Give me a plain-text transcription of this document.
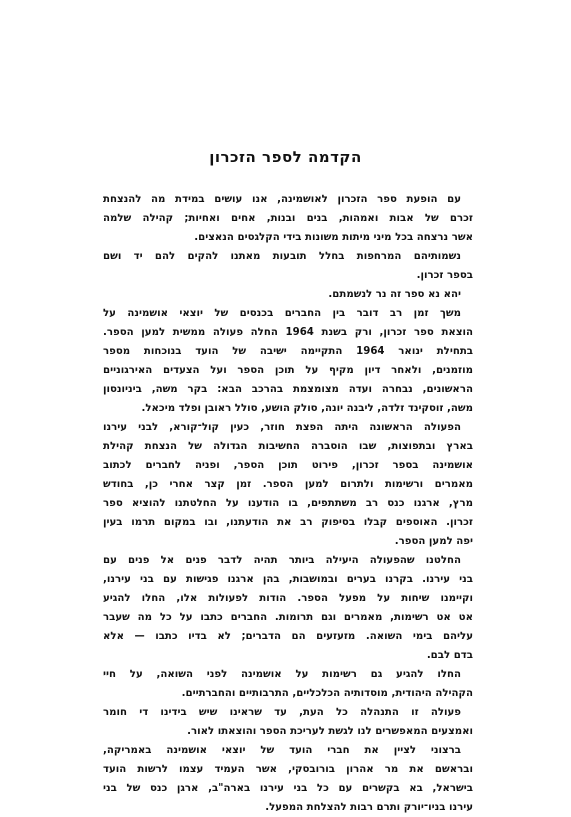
הקדמה לספר הזכרון
עם הופעת ספר הזכרון לאושמינה, אנו עושים במידת מה להנצחת
זכרם של אבות ואמהות, בנים ובנות, אחים ואחיות; קהילה שלמה
אשר נרצחה בכל מיני מיתות משונות בידי הקלגסים הנאצים.
נשמותיהם המרחפות בחלל תובעות מאתנו להקים להם יד ושם
בספר זכרון.
יהא נא ספר זה נר לנשמתם.
משך זמן רב דובר בין החברים בכנסים של יוצאי אושמינה על
הוצאת ספר זכרון, ורק בשנת 1964 החלה פעולה ממשית למען הספר.
בתחילת ינואר 1964 התקיימה ישיבה של הועד בנוכחות מספר
מוזמנים, ולאחר דיון מקיף על תוכן הספר ועל הצעדים האירגוניים
הראשונים, נבחרה ועדה מצומצמת בהרכב הבא: בקר משה, ביניונסון
משה, זוסקינד זלדה, ליבנה יונה, סולק הושע, סולל ראובן ופלד מיכאל.
הפעולה הראשונה היתה הפצת חוזר, כעין קול־קורא, לבני עירנו
בארץ ובתפוצות, שבו הוסברה החשיבות הגדולה של הנצחת קהילת
אושמינה בספר זכרון, פירוט תוכן הספר, ופניה לחברים לכתוב
מאמרים ורשימות ולתרום למען הספר. זמן קצר אחרי כן, בחודש
מרץ, ארגנו כנס רב משתתפים, בו הודענו על החלטתנו להוציא ספר
זכרון. האוספים קבלו בסיפוק רב את הודעתנו, ובו במקום תרמו בעין
יפה למען הספר.
החלטנו שהפעולה היעילה ביותר תהיה לדבר פנים אל פנים עם
בני עירנו. בקרנו בערים ובמושבות, בהן ארגנו פגישות עם בני עירנו,
וקיימנו שיחות על מפעל הספר. הודות לפעולות אלו, החלו להגיע
אט אט רשימות, מאמרים וגם תרומות. החברים כתבו על כל מה שעבר
עליהם בימי השואה. מזעזעים הם הדברים; לא בדיו כתבו — אלא
בדם לבם.
החלו להגיע גם רשימות על אושמינה לפני השואה, על חיי
הקהילה היהודית, מוסדותיה הכלכליים, התרבותיים והחברתיים.
פעולה זו התנהלה כל העת, עד שראינו שיש בידינו די חומר
ואמצעים המאפשרים לנו לגשת לעריכת הספר והוצאתו לאור.
ברצוני לציין את חברי הועד של יוצאי אושמינה באמריקה,
ובראשם את מר אהרון בורובסקי, אשר העמיד עצמו לרשות הועד
בישראל, בא בקשרים עם כל בני עירנו בארה"ב, ארגן כנס של בני
עירנו בניו־יורק ותרם רבות להצלחת המפעל.
